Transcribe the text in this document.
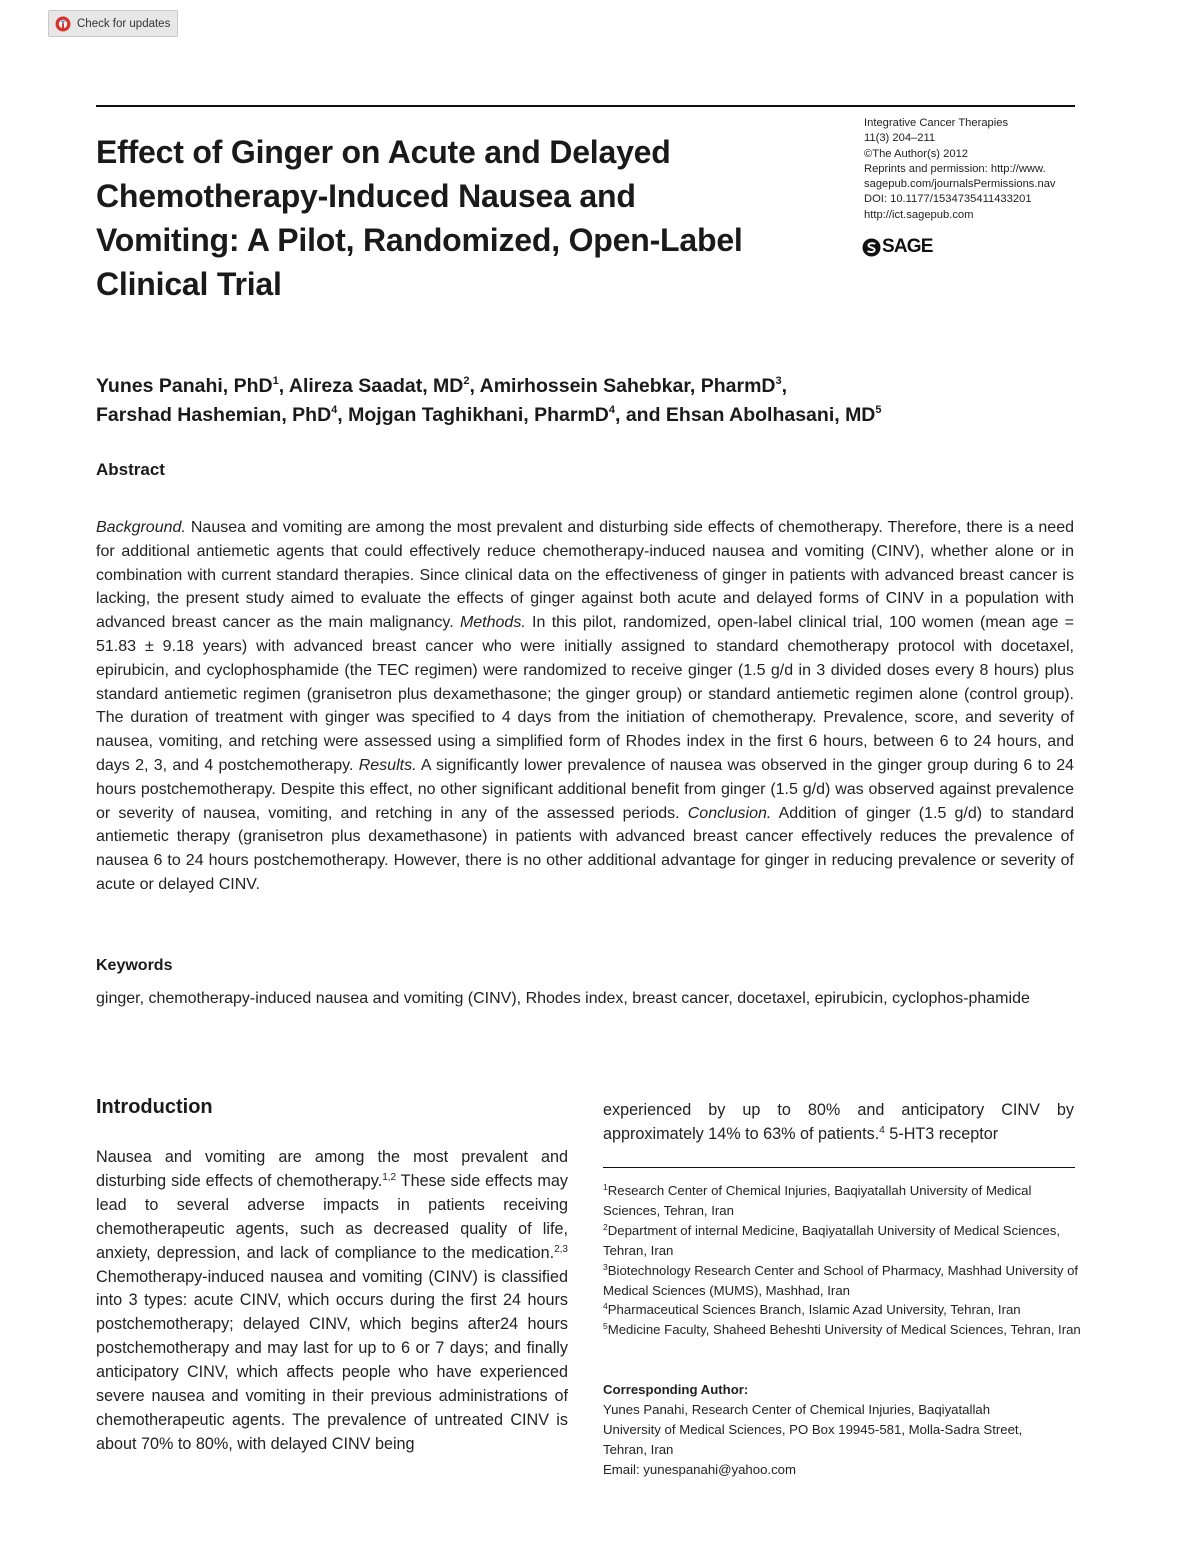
Check for updates
Effect of Ginger on Acute and Delayed
Chemotherapy-Induced Nausea and
Vomiting: A Pilot, Randomized, Open-Label
Clinical Trial
Integrative Cancer Therapies
11(3) 204–211
©The Author(s) 2012
Reprints and permission: http://www.
sagepub.com/journalsPermissions.nav
DOI: 10.1177/1534735411433201
http://ict.sagepub.com
SAGE
Yunes Panahi, PhD$^1$, Alireza Saadat, $MD^2$, Amirhossein Sahebkar, PharmD$^3$,
Farshad Hashemian, PhD$^4$, Mojgan Taghikhani, PharmD$^4$, and Ehsan Abolhasani, $MD^5$
Abstract
Background. Nausea and vomiting are among the most prevalent and disturbing side effects of chemotherapy. Therefore, there is a need for additional antiemetic agents that could effectively reduce chemotherapy-induced nausea and vomiting (CINV), whether alone or in combination with current standard therapies. Since clinical data on the effectiveness of ginger in patients with advanced breast cancer is lacking, the present study aimed to evaluate the effects of ginger against both acute and delayed forms of CINV in a population with advanced breast cancer as the main malignancy. Methods. In this pilot, randomized, open-label clinical trial, 100 women (mean age = 51.83 ± 9.18 years) with advanced breast cancer who were initially assigned to standard chemotherapy protocol with docetaxel, epirubicin, and cyclophosphamide (the TEC regimen) were randomized to receive ginger (1.5 g/d in 3 divided doses every 8 hours) plus standard antiemetic regimen (granisetron plus dexamethasone; the ginger group) or standard antiemetic regimen alone (control group). The duration of treatment with ginger was specified to 4 days from the initiation of chemotherapy. Prevalence, score, and severity of nausea, vomiting, and retching were assessed using a simplified form of Rhodes index in the first 6 hours, between 6 to 24 hours, and days 2, 3, and 4 postchemotherapy. Results. A significantly lower prevalence of nausea was observed in the ginger group during 6 to 24 hours postchemotherapy. Despite this effect, no other significant additional benefit from ginger (1.5 g/d) was observed against prevalence or severity of nausea, vomiting, and retching in any of the assessed periods. Conclusion. Addition of ginger (1.5 g/d) to standard antiemetic therapy (granisetron plus dexamethasone) in patients with advanced breast cancer effectively reduces the prevalence of nausea 6 to 24 hours postchemotherapy. However, there is no other additional advantage for ginger in reducing prevalence or severity of acute or delayed CINV.
Keywords
ginger, chemotherapy-induced nausea and vomiting (CINV), Rhodes index, breast cancer, docetaxel, epirubicin, cyclophos-phamide
Introduction
Nausea and vomiting are among the most prevalent and disturbing side effects of chemotherapy.$^{1,2}$ These side effects may lead to several adverse impacts in patients receiving chemotherapeutic agents, such as decreased quality of life, anxiety, depression, and lack of compliance to the medication.$^{2,3}$ Chemotherapy-induced nausea and vomiting (CINV) is classified into 3 types: acute CINV, which occurs during the first 24 hours postchemotherapy; delayed CINV, which begins after24 hours postchemotherapy and may last for up to 6 or 7 days; and finally anticipatory CINV, which affects people who have experienced severe nausea and vomiting in their previous administrations of chemotherapeutic agents. The prevalence of untreated CINV is about 70% to 80%, with delayed CINV being
experienced by up to 80% and anticipatory CINV by approximately 14% to 63% of patients.$^4$ 5-HT3 receptor
$^1$Research Center of Chemical Injuries, Baqiyatallah University of Medical Sciences, Tehran, Iran
$^2$Department of internal Medicine, Baqiyatallah University of Medical Sciences, Tehran, Iran
$^3$Biotechnology Research Center and School of Pharmacy, Mashhad University of Medical Sciences (MUMS), Mashhad, Iran
$^4$Pharmaceutical Sciences Branch, Islamic Azad University, Tehran, Iran
$^5$Medicine Faculty, Shaheed Beheshti University of Medical Sciences, Tehran, Iran
Corresponding Author:
Yunes Panahi, Research Center of Chemical Injuries, Baqiyatallah
University of Medical Sciences, PO Box 19945-581, Molla-Sadra Street,
Tehran, Iran
Email: yunespanahi@yahoo.com
